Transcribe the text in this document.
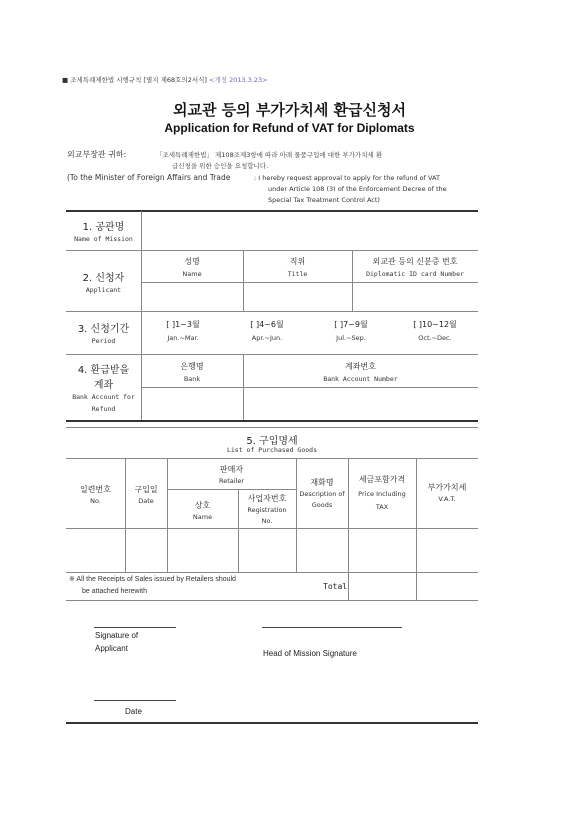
■ 조세특례제한법 시행규칙 [별지 제68호의2서식] <개정 2013.3.23>
외교관 등의 부가가치세 환급신청서
Application for Refund of VAT for Diplomats
외교부장관 귀하:	「조세특례제한법」 제108조제3항에 따라 아래 물품구입에 대한 부가가치세 환
급신청을 위한 승인을 요청합니다.
(To the Minister of Foreign Affairs and Trade	: I hereby request approval to apply for the refund of VAT
under Article 108 (3) of the Enforcement Decree of the
Special Tax Treatment Control Act)
1. 공관명
Name of Mission
2. 신청자
Applicant
성명
Name
직위
Title
외교관 등의 신분증 번호
Diplomatic ID card Number
3. 신청기간
Period
[ ]1~3월
Jan.~Mar.
[ ]4~6월
Apr.~Jun.
[ ]7~9월
Jul.~Sep.
[ ]10~12월
Oct.~Dec.
4. 환급받을
계좌
Bank Account for
Refund
은행명
Bank
계좌번호
Bank Account Number
5. 구입명세
List of Purchased Goods
일련번호
No.
구입일
Date
판매자
Retailer
상호
Name
사업자번호
Registration
No.
재화명
Description of
Goods
세금포함가격
Price Including
TAX
부가가치세
V.A.T.
※ All the Receipts of Sales issued by Retailers should
be attached herewith
Total
Signature of
Applicant
Head of Mission Signature
Date
